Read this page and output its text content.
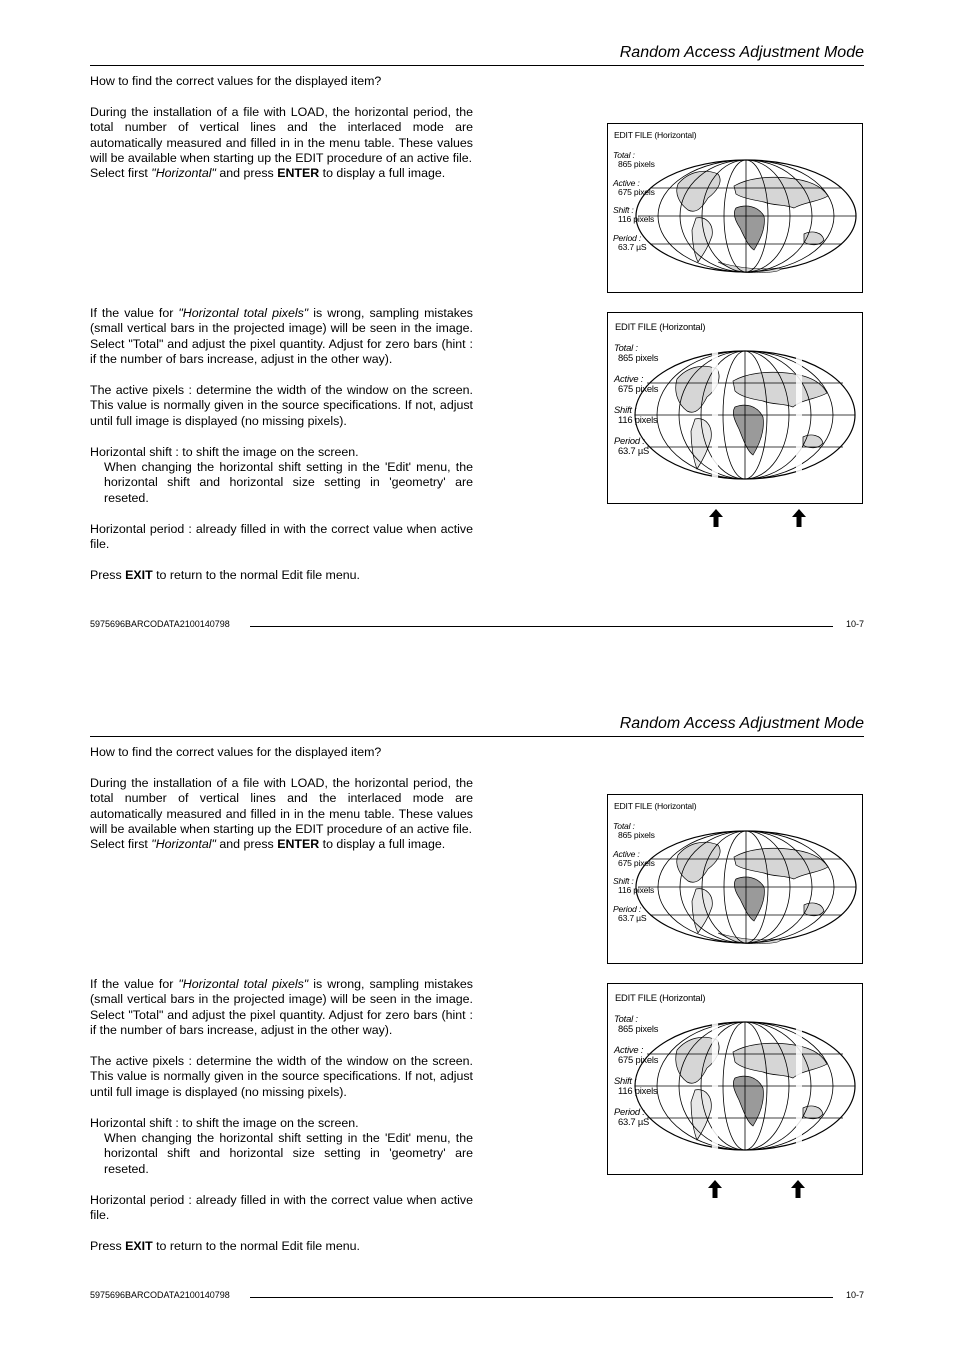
Random Access Adjustment Mode

How to find the correct values for the displayed item?

During the installation of a file with LOAD, the horizontal period, the total number of vertical lines and the interlaced mode are automatically measured and filled in in the menu table. These values will be available when starting up the EDIT procedure of an active file.
Select first "Horizontal" and press ENTER to display a full image.

If the value for "Horizontal total pixels" is wrong, sampling mistakes (small vertical bars in the projected image) will be seen in the image. Select "Total" and adjust the pixel quantity. Adjust for zero bars (hint : if the number of bars increase, adjust in the other way).

The active pixels : determine the width of the window on the screen. This value is normally given in the source specifications. If not, adjust until full image is displayed (no missing pixels).

Horizontal shift : to shift the image on the screen.
When changing the horizontal shift setting in the 'Edit' menu, the horizontal shift and horizontal size setting in 'geometry' are reseted.

Horizontal period : already filled in with the correct value when active file.

Press EXIT to return to the normal Edit file menu.

EDIT FILE (Horizontal)
Total :
865 pixels
Active :
675 pixels
Shift :
116 pixels
Period :
63.7 µS
EDIT FILE (Horizontal)
Total :
865 pixels
Active :
675 pixels
Shift :
116 pixels
Period :
63.7 µS
5975696BARCODATA2100140798	10-7
Random Access Adjustment Mode

How to find the correct values for the displayed item?

During the installation of a file with LOAD, the horizontal period, the total number of vertical lines and the interlaced mode are automatically measured and filled in in the menu table. These values will be available when starting up the EDIT procedure of an active file.
Select first "Horizontal" and press ENTER to display a full image.

If the value for "Horizontal total pixels" is wrong, sampling mistakes (small vertical bars in the projected image) will be seen in the image. Select "Total" and adjust the pixel quantity. Adjust for zero bars (hint : if the number of bars increase, adjust in the other way).

The active pixels : determine the width of the window on the screen. This value is normally given in the source specifications. If not, adjust until full image is displayed (no missing pixels).

Horizontal shift : to shift the image on the screen.
When changing the horizontal shift setting in the 'Edit' menu, the horizontal shift and horizontal size setting in 'geometry' are reseted.

Horizontal period : already filled in with the correct value when active file.

Press EXIT to return to the normal Edit file menu.

EDIT FILE (Horizontal)
Total :
865 pixels
Active :
675 pixels
Shift :
116 pixels
Period :
63.7 µS
EDIT FILE (Horizontal)
Total :
865 pixels
Active :
675 pixels
Shift :
116 pixels
Period :
63.7 µS
5975696BARCODATA2100140798	10-7
